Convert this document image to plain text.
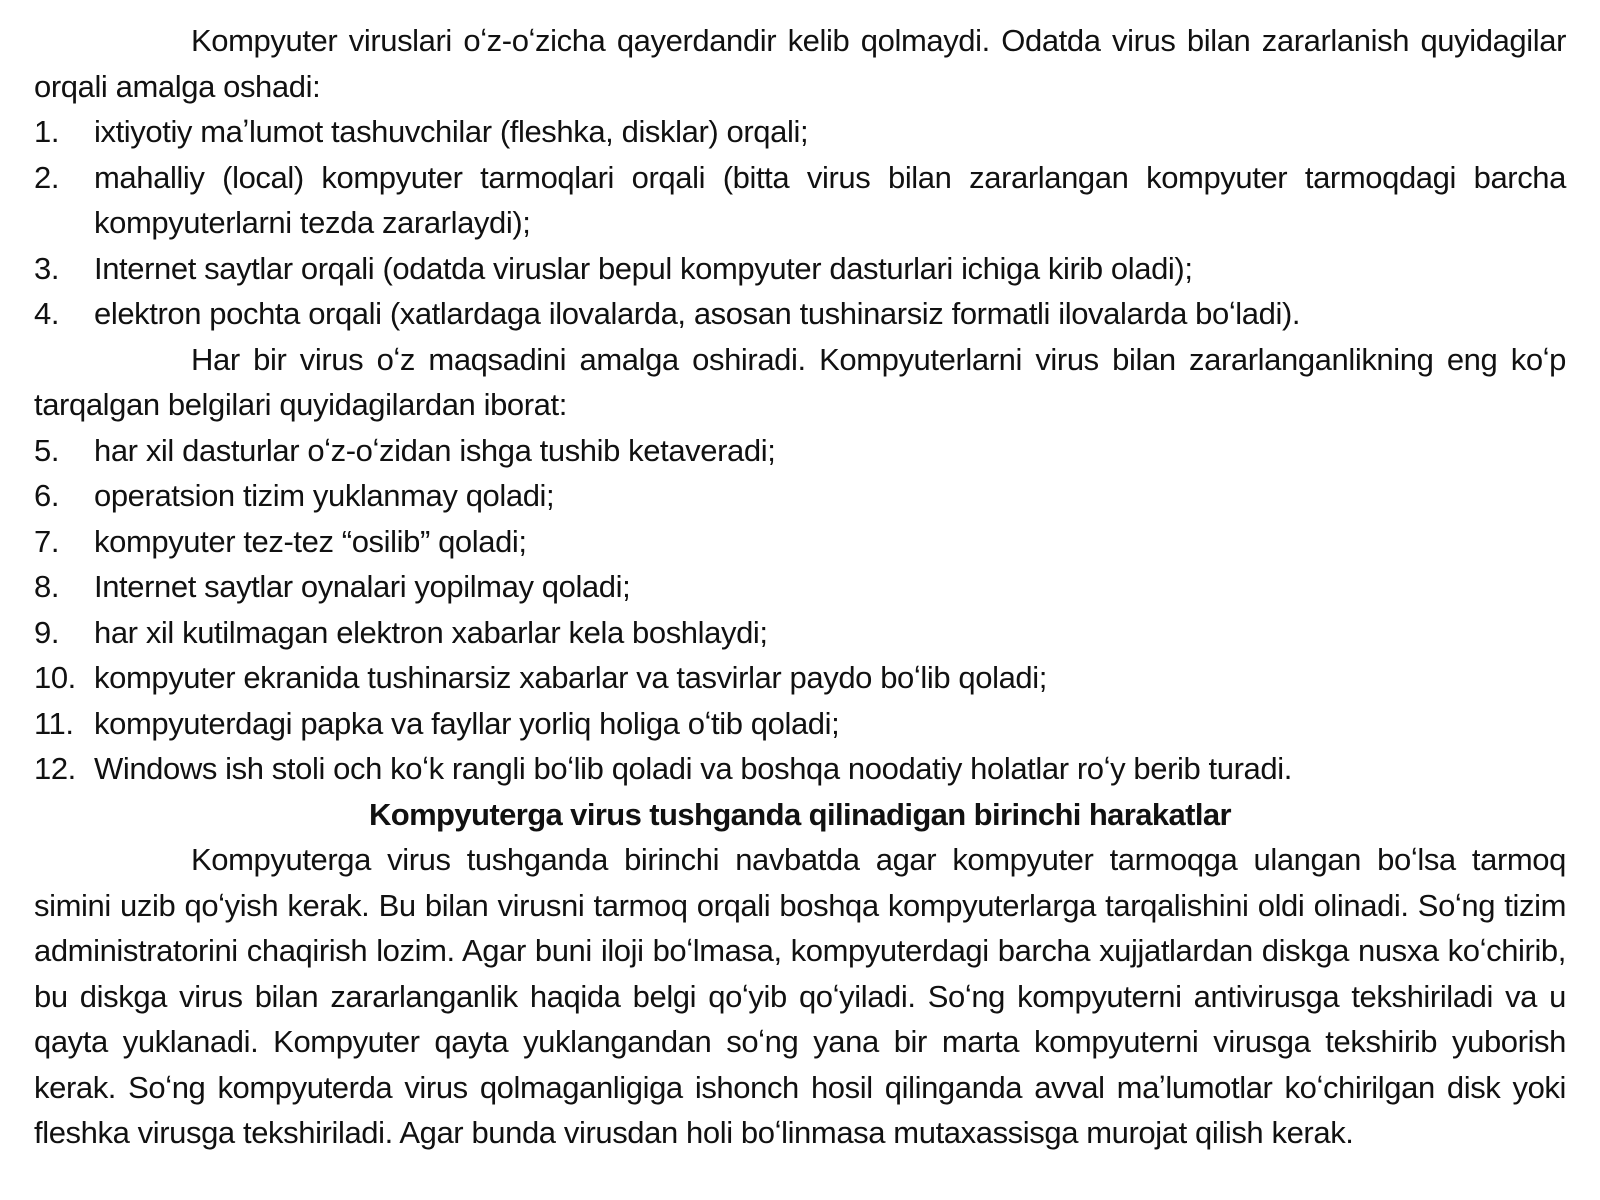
Kompyuter viruslari oʻz-oʻzicha qayerdandir kelib qolmaydi. Odatda virus bilan zararlanish quyidagilar orqali amalga oshadi:

1. ixtiyotiy maʼlumot tashuvchilar (fleshka, disklar) orqali;
2. mahalliy (local) kompyuter tarmoqlari orqali (bitta virus bilan zararlangan kompyuter tarmoqdagi barcha kompyuterlarni tezda zararlaydi);
3. Internet saytlar orqali (odatda viruslar bepul kompyuter dasturlari ichiga kirib oladi);
4. elektron pochta orqali (xatlardaga ilovalarda, asosan tushinarsiz formatli ilovalarda boʻladi).

Har bir virus oʻz maqsadini amalga oshiradi. Kompyuterlarni virus bilan zararlanganlikning eng koʻp tarqalgan belgilari quyidagilardan iborat:

5. har xil dasturlar oʻz-oʻzidan ishga tushib ketaveradi;
6. operatsion tizim yuklanmay qoladi;
7. kompyuter tez-tez “osilib” qoladi;
8. Internet saytlar oynalari yopilmay qoladi;
9. har xil kutilmagan elektron xabarlar kela boshlaydi;
10. kompyuter ekranida tushinarsiz xabarlar va tasvirlar paydo boʻlib qoladi;
11. kompyuterdagi papka va fayllar yorliq holiga oʻtib qoladi;
12. Windows ish stoli och koʻk rangli boʻlib qoladi va boshqa noodatiy holatlar roʻy berib turadi.

Kompyuterga virus tushganda qilinadigan birinchi harakatlar

Kompyuterga virus tushganda birinchi navbatda agar kompyuter tarmoqga ulangan boʻlsa tarmoq simini uzib qoʻyish kerak. Bu bilan virusni tarmoq orqali boshqa kompyuterlarga tarqalishini oldi olinadi. Soʻng tizim administratorini chaqirish lozim. Agar buni iloji boʻlmasa, kompyuterdagi barcha xujjatlardan diskga nusxa koʻchirib, bu diskga virus bilan zararlanganlik haqida belgi qoʻyib qoʻyiladi. Soʻng kompyuterni antivirusga tekshiriladi va u qayta yuklanadi. Kompyuter qayta yuklangandan soʻng yana bir marta kompyuterni virusga tekshirib yuborish kerak. Soʻng kompyuterda virus qolmaganligiga ishonch hosil qilinganda avval maʼlumotlar koʻchirilgan disk yoki fleshka virusga tekshiriladi. Agar bunda virusdan holi boʻlinmasa mutaxassisga murojat qilish kerak.
